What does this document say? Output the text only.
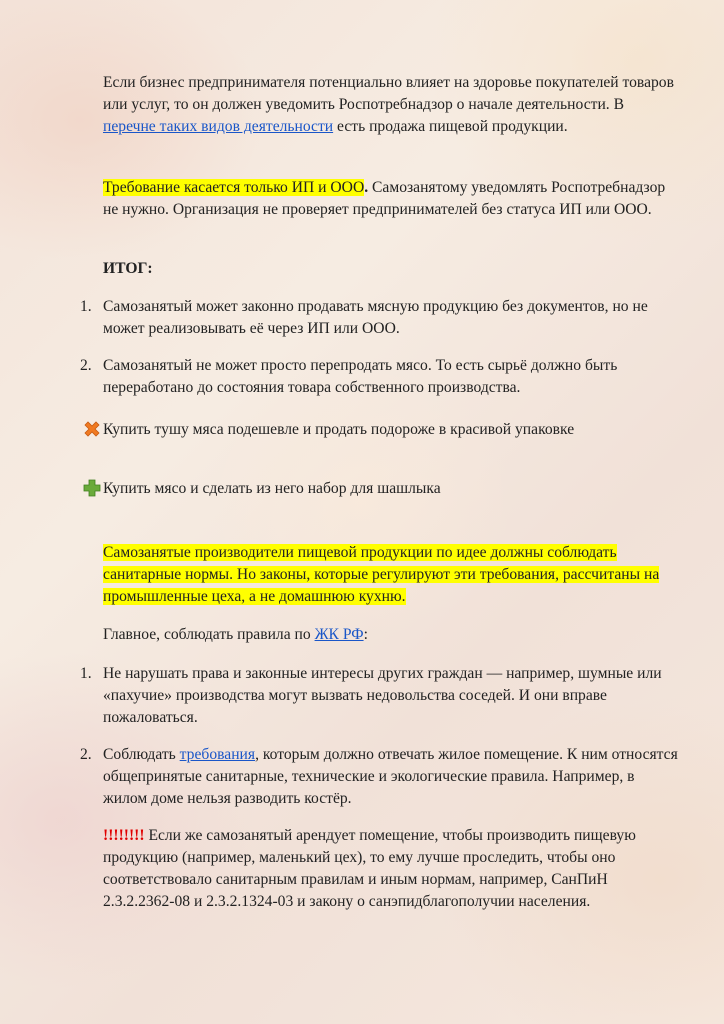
Если бизнес предпринимателя потенциально влияет на здоровье покупателей товаров или услуг, то он должен уведомить Роспотребнадзор о начале деятельности. В перечне таких видов деятельности есть продажа пищевой продукции.

Требование касается только ИП и ООО. Самозанятому уведомлять Роспотребнадзор не нужно. Организация не проверяет предпринимателей без статуса ИП или ООО.

ИТОГ:

1. Самозанятый может законно продавать мясную продукцию без документов, но не может реализовывать её через ИП или ООО.

2. Самозанятый не может просто перепродать мясо. То есть сырьё должно быть переработано до состояния товара собственного производства.

Купить тушу мяса подешевле и продать подороже в красивой упаковке

Купить мясо и сделать из него набор для шашлыка

Самозанятые производители пищевой продукции по идее должны соблюдать санитарные нормы. Но законы, которые регулируют эти требования, рассчитаны на промышленные цеха, а не домашнюю кухню.

Главное, соблюдать правила по ЖК РФ:

1. Не нарушать права и законные интересы других граждан — например, шумные или «пахучие» производства могут вызвать недовольства соседей. И они вправе пожаловаться.

2. Соблюдать требования, которым должно отвечать жилое помещение. К ним относятся общепринятые санитарные, технические и экологические правила. Например, в жилом доме нельзя разводить костёр.

!!!!!!!! Если же самозанятый арендует помещение, чтобы производить пищевую продукцию (например, маленький цех), то ему лучше проследить, чтобы оно соответствовало санитарным правилам и иным нормам, например, СанПиН 2.3.2.2362-08 и 2.3.2.1324-03 и закону о санэпидблагополучии населения.
